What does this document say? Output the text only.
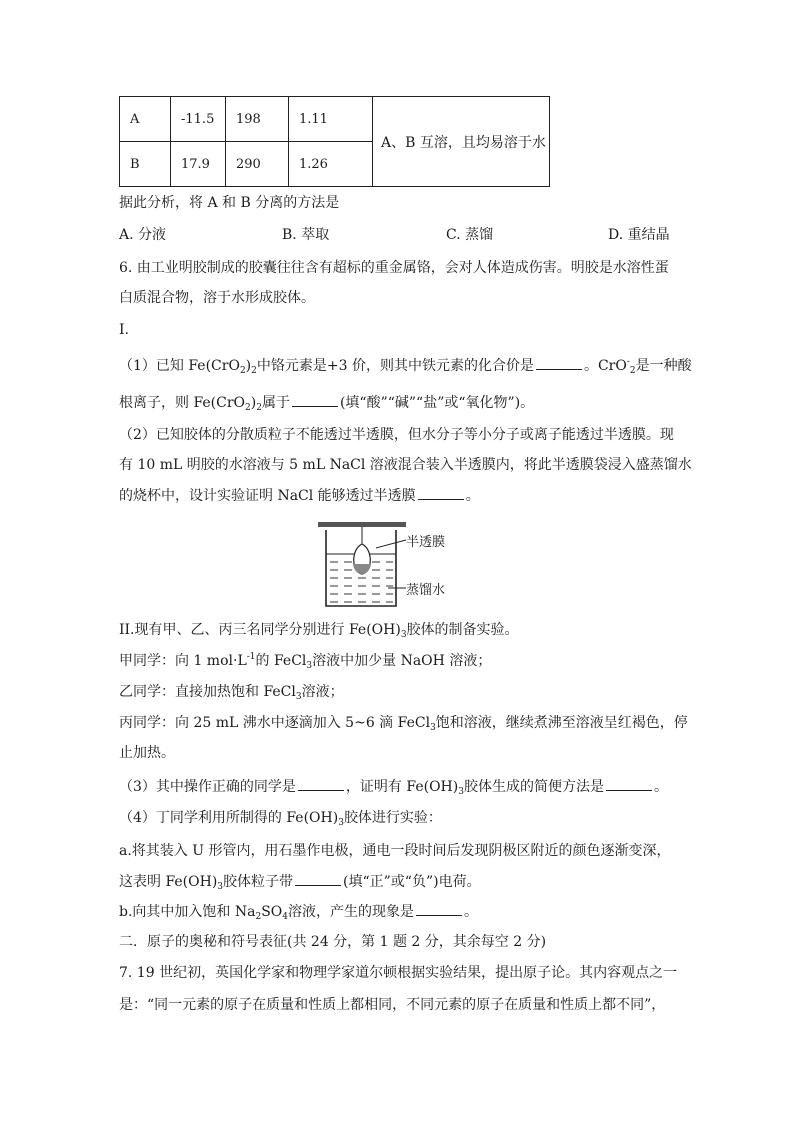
A	-11.5	198	1.11	A、B 互溶，且均易溶于水
B	17.9	290	1.26	
据此分析，将 A 和 B 分离的方法是
A. 分液	B. 萃取	C. 蒸馏	D. 重结晶
6. 由工业明胶制成的胶囊往往含有超标的重金属铬，会对人体造成伤害。明胶是水溶性蛋
白质混合物，溶于水形成胶体。
I.
（1）已知 $Fe(CrO_2)_2$中铬元素是+3 价，则其中铁元素的化合价是	。CrO-$_2$是一种酸
根离子，则 $Fe(CrO_2)_2$属于	(填“酸”“碱”“盐”或“氧化物”)。
（2）已知胶体的分散质粒子不能透过半透膜，但水分子等小分子或离子能透过半透膜。现
有 10 mL 明胶的水溶液与 5 mL NaCl 溶液混合装入半透膜内，将此半透膜袋浸入盛蒸馏水
的烧杯中，设计实验证明 NaCl 能够透过半透膜	。
半透膜
蒸馏水
II.现有甲、乙、丙三名同学分别进行 $Fe(OH)_3$胶体的制备实验。
甲同学：向 1 $mol\cdot L^{-1}$的 FeCl$_3$溶液中加少量 NaOH 溶液；
乙同学：直接加热饱和 FeCl$_3$溶液；
丙同学：向 25 mL 沸水中逐滴加入 5~6 滴 FeCl$_3$饱和溶液，继续煮沸至溶液呈红褐色，停
止加热。
（3）其中操作正确的同学是	，证明有 $Fe(OH)_3$胶体生成的简便方法是	。
（4）丁同学利用所制得的 $Fe(OH)_3$胶体进行实验：
a.将其装入 U 形管内，用石墨作电极，通电一段时间后发现阴极区附近的颜色逐渐变深，
这表明 $Fe(OH)_3$胶体粒子带	(填“正”或“负”)电荷。
b.向其中加入饱和 $Na_2SO_4$溶液，产生的现象是	。
二．原子的奥秘和符号表征(共 24 分，第 1 题 2 分，其余每空 2 分)
7. 19 世纪初，英国化学家和物理学家道尔顿根据实验结果，提出原子论。其内容观点之一
是：“同一元素的原子在质量和性质上都相同，不同元素的原子在质量和性质上都不同”，
